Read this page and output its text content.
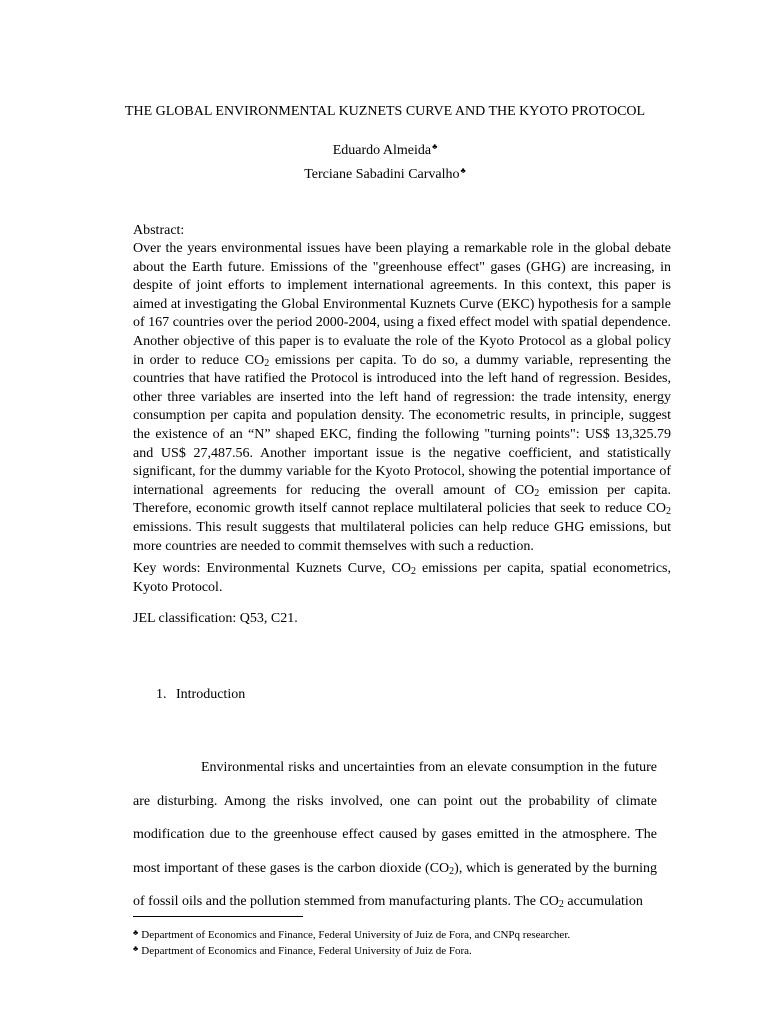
THE GLOBAL ENVIRONMENTAL KUZNETS CURVE AND THE KYOTO PROTOCOL
Eduardo Almeida♣
Terciane Sabadini Carvalho♣
Abstract:

Over the years environmental issues have been playing a remarkable role in the global debate about the Earth future. Emissions of the "greenhouse effect" gases (GHG) are increasing, in despite of joint efforts to implement international agreements. In this context, this paper is aimed at investigating the Global Environmental Kuznets Curve (EKC) hypothesis for a sample of 167 countries over the period 2000-2004, using a fixed effect model with spatial dependence. Another objective of this paper is to evaluate the role of the Kyoto Protocol as a global policy in order to reduce $CO_2$ emissions per capita. To do so, a dummy variable, representing the countries that have ratified the Protocol is introduced into the left hand of regression. Besides, other three variables are inserted into the left hand of regression: the trade intensity, energy consumption per capita and population density. The econometric results, in principle, suggest the existence of an “N” shaped EKC, finding the following "turning points": US$ 13,325.79 and US$ 27,487.56. Another important issue is the negative coefficient, and statistically significant, for the dummy variable for the Kyoto Protocol, showing the potential importance of international agreements for reducing the overall amount of $CO_2$ emission per capita. Therefore, economic growth itself cannot replace multilateral policies that seek to reduce $CO_2$ emissions. This result suggests that multilateral policies can help reduce GHG emissions, but more countries are needed to commit themselves with such a reduction.

Key words: Environmental Kuznets Curve, $CO_2$ emissions per capita, spatial econometrics, Kyoto Protocol.

JEL classification: Q53, C21.

1. Introduction

Environmental risks and uncertainties from an elevate consumption in the future are disturbing. Among the risks involved, one can point out the probability of climate modification due to the greenhouse effect caused by gases emitted in the atmosphere. The most important of these gases is the carbon dioxide $(CO_2)$, which is generated by the burning of fossil oils and the pollution stemmed from manufacturing plants. The $CO_2$ accumulation

♣ Department of Economics and Finance, Federal University of Juiz de Fora, and CNPq researcher.
♣ Department of Economics and Finance, Federal University of Juiz de Fora.
